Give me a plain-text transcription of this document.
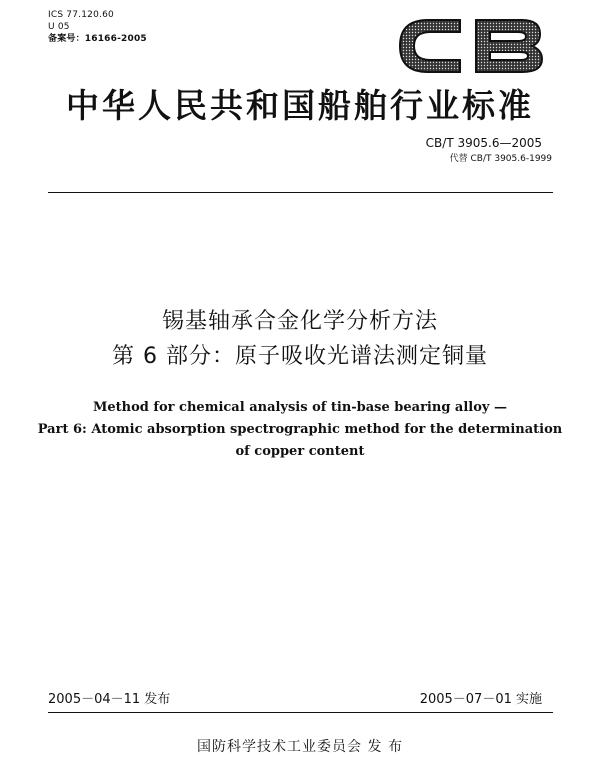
ICS 77.120.60
U 05
备案号：16166-2005
中华人民共和国船舶行业标准
CB/T 3905.6—2005
代替 CB/T 3905.6-1999
锡基轴承合金化学分析方法
第 6 部分：原子吸收光谱法测定铜量
Method for chemical analysis of tin-base bearing alloy —
Part 6: Atomic absorption spectrographic method for the determination
of copper content
2005－04－11 发布	2005－07－01 实施
国防科学技术工业委员会 发 布
